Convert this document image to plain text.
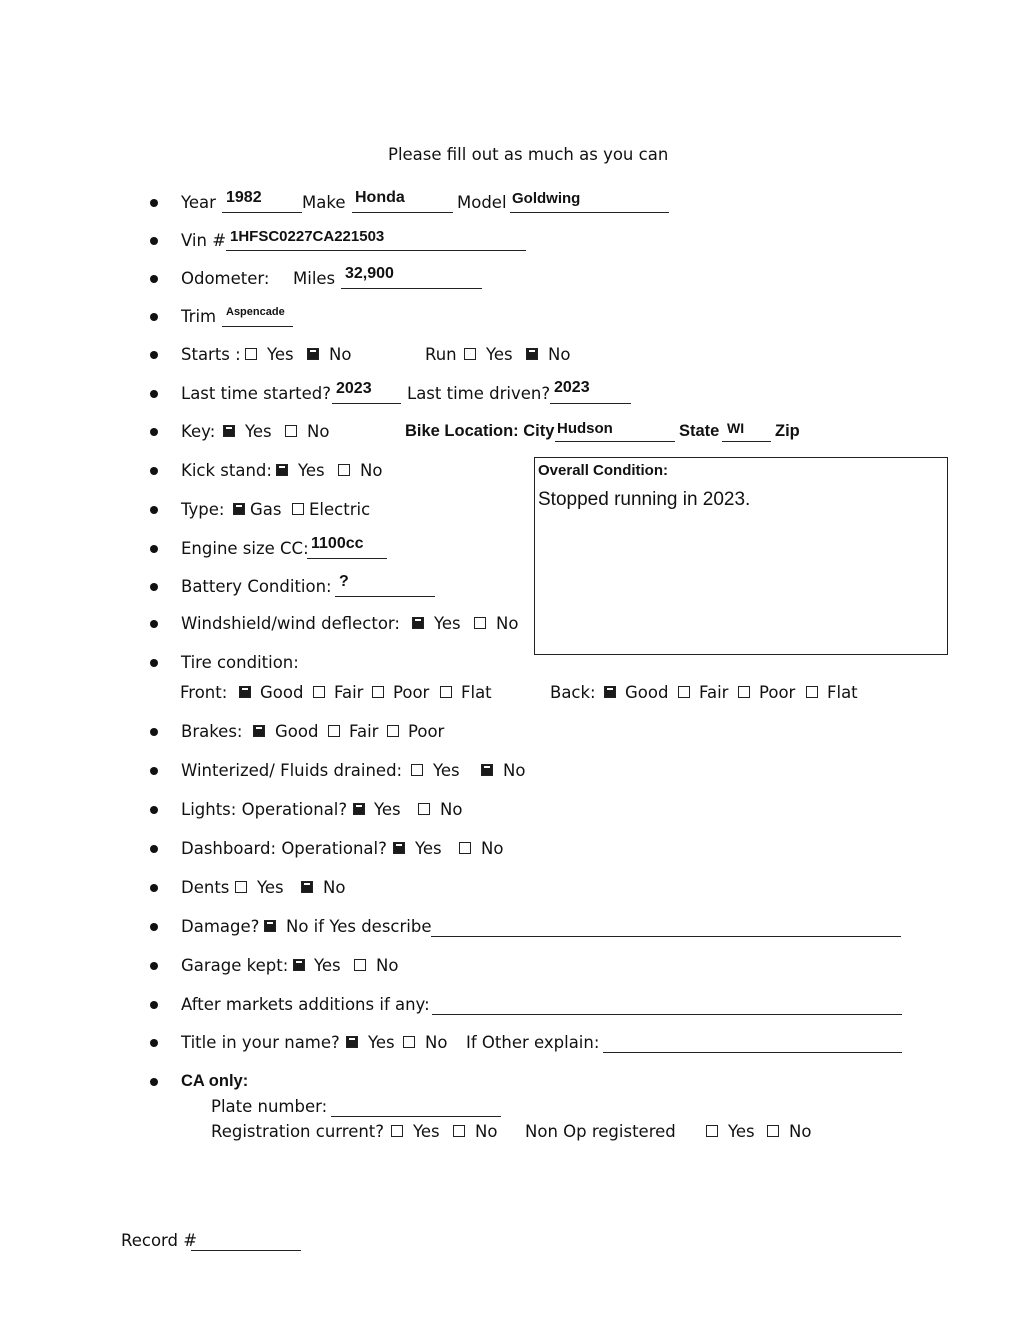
Please fill out as much as you can
Year 1982 Make Honda	Model Goldwing
Vin # 1HFSC0227CA221503
Odometer: Miles 32,900
Trim Aspencade
Starts : Yes No	Run Yes No
Last time started? 2023 Last time driven? 2023
Key: Yes No	Bike Location: City Hudson	State WI Zip
Kick stand: Yes No	Overall Condition:
Stopped running in 2023.
Type: Gas Electric
Engine size CC: 1100cc
Battery Condition: ?
Windshield/wind deflector: Yes No
Tire condition:
Front: Good Fair Poor Flat	Back: Good Fair Poor Flat
Brakes: Good Fair Poor
Winterized/ Fluids drained: Yes	No
Lights: Operational? Yes No
Dashboard: Operational? Yes No
Dents Yes No
Damage? No if Yes describe
Garage kept: Yes No
After markets additions if any:
Title in your name? Yes No If Other explain:
CA only:
Plate number:
Registration current? Yes No Non Op registered	Yes No
Record #
